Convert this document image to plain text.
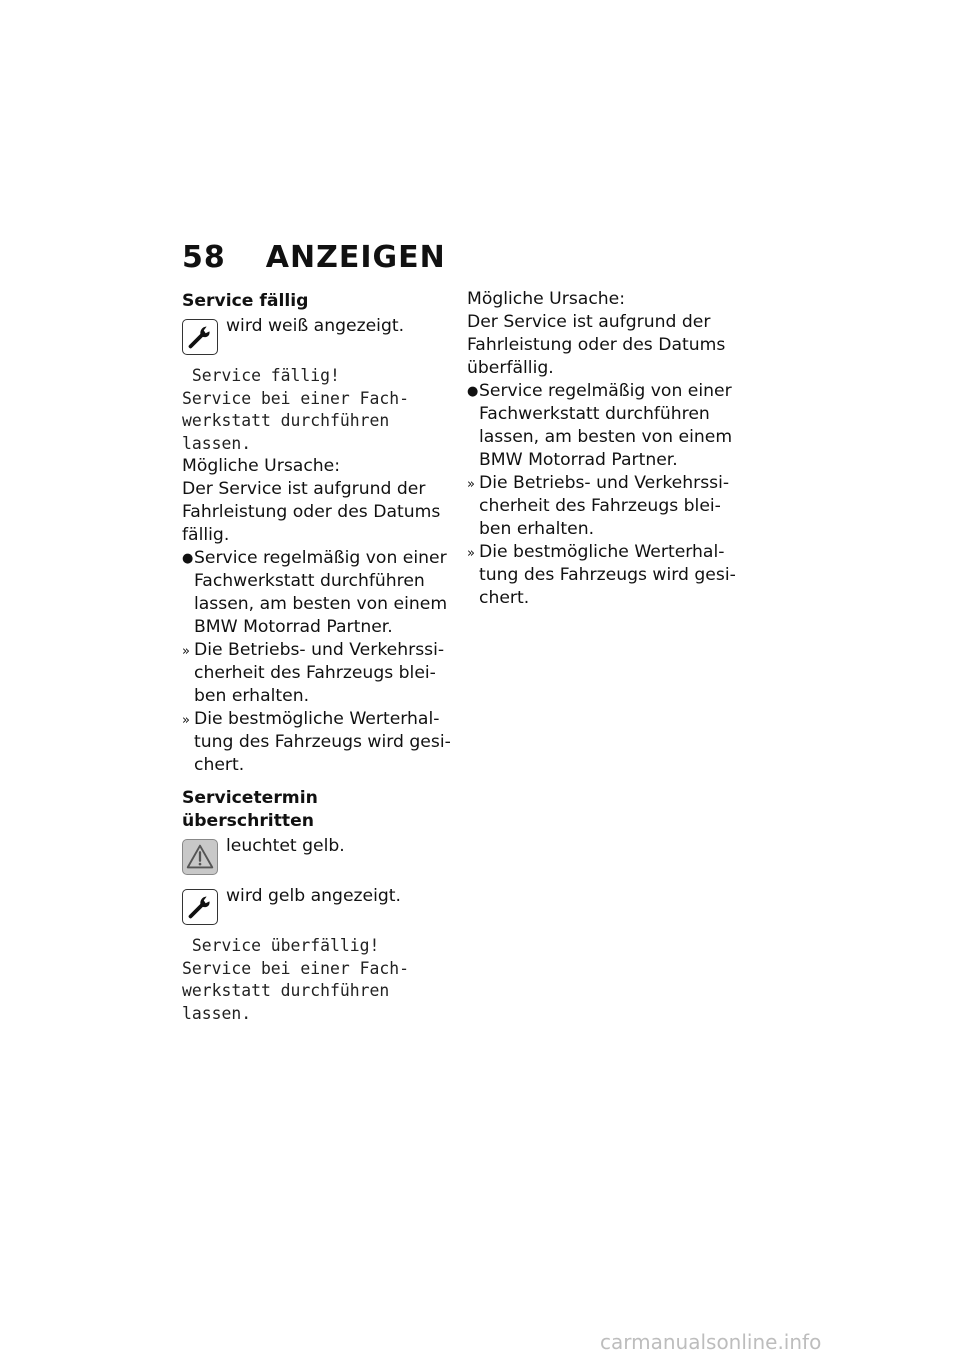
58 ANZEIGEN
Service fällig
wird weiß angezeigt.
Service fällig!
Service bei einer Fach-
werkstatt durchführen
lassen.
Mögliche Ursache:
Der Service ist aufgrund der Fahrleistung oder des Datums fällig.
● Service regelmäßig von einer Fachwerkstatt durchführen lassen, am besten von einem BMW Motorrad Partner.
» Die Betriebs- und Verkehrssi-cherheit des Fahrzeugs blei-ben erhalten.
» Die bestmögliche Werterhal-tung des Fahrzeugs wird gesi-chert.
Servicetermin überschritten
leuchtet gelb.
wird gelb angezeigt.
Service überfällig!
Service bei einer Fach-
werkstatt durchführen
lassen.
Mögliche Ursache:
Der Service ist aufgrund der Fahrleistung oder des Datums überfällig.
● Service regelmäßig von einer Fachwerkstatt durchführen lassen, am besten von einem BMW Motorrad Partner.
» Die Betriebs- und Verkehrssi-cherheit des Fahrzeugs blei-ben erhalten.
» Die bestmögliche Werterhal-tung des Fahrzeugs wird gesi-chert.
carmanualsonline.info
